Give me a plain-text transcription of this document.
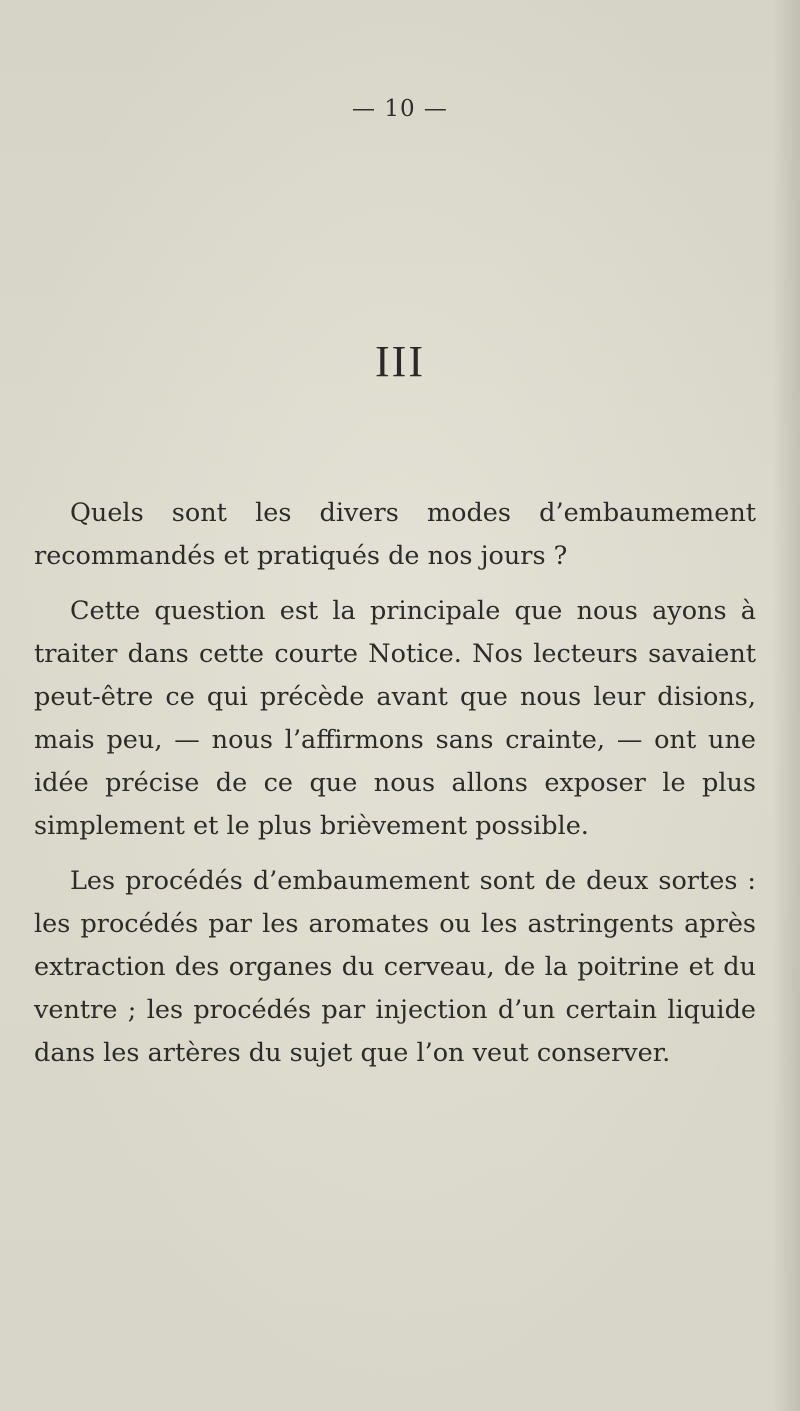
— 10 —
III

Quels sont les divers modes d’embaumement recommandés et pratiqués de nos jours ?

Cette question est la principale que nous ayons à traiter dans cette courte Notice. Nos lecteurs savaient peut-être ce qui précède avant que nous leur disions, mais peu, — nous l’affirmons sans crainte, — ont une idée précise de ce que nous allons exposer le plus simplement et le plus brièvement possible.

Les procédés d’embaumement sont de deux sortes : les procédés par les aromates ou les astringents après extraction des organes du cerveau, de la poitrine et du ventre ; les procédés par injection d’un certain liquide dans les artères du sujet que l’on veut conserver.
